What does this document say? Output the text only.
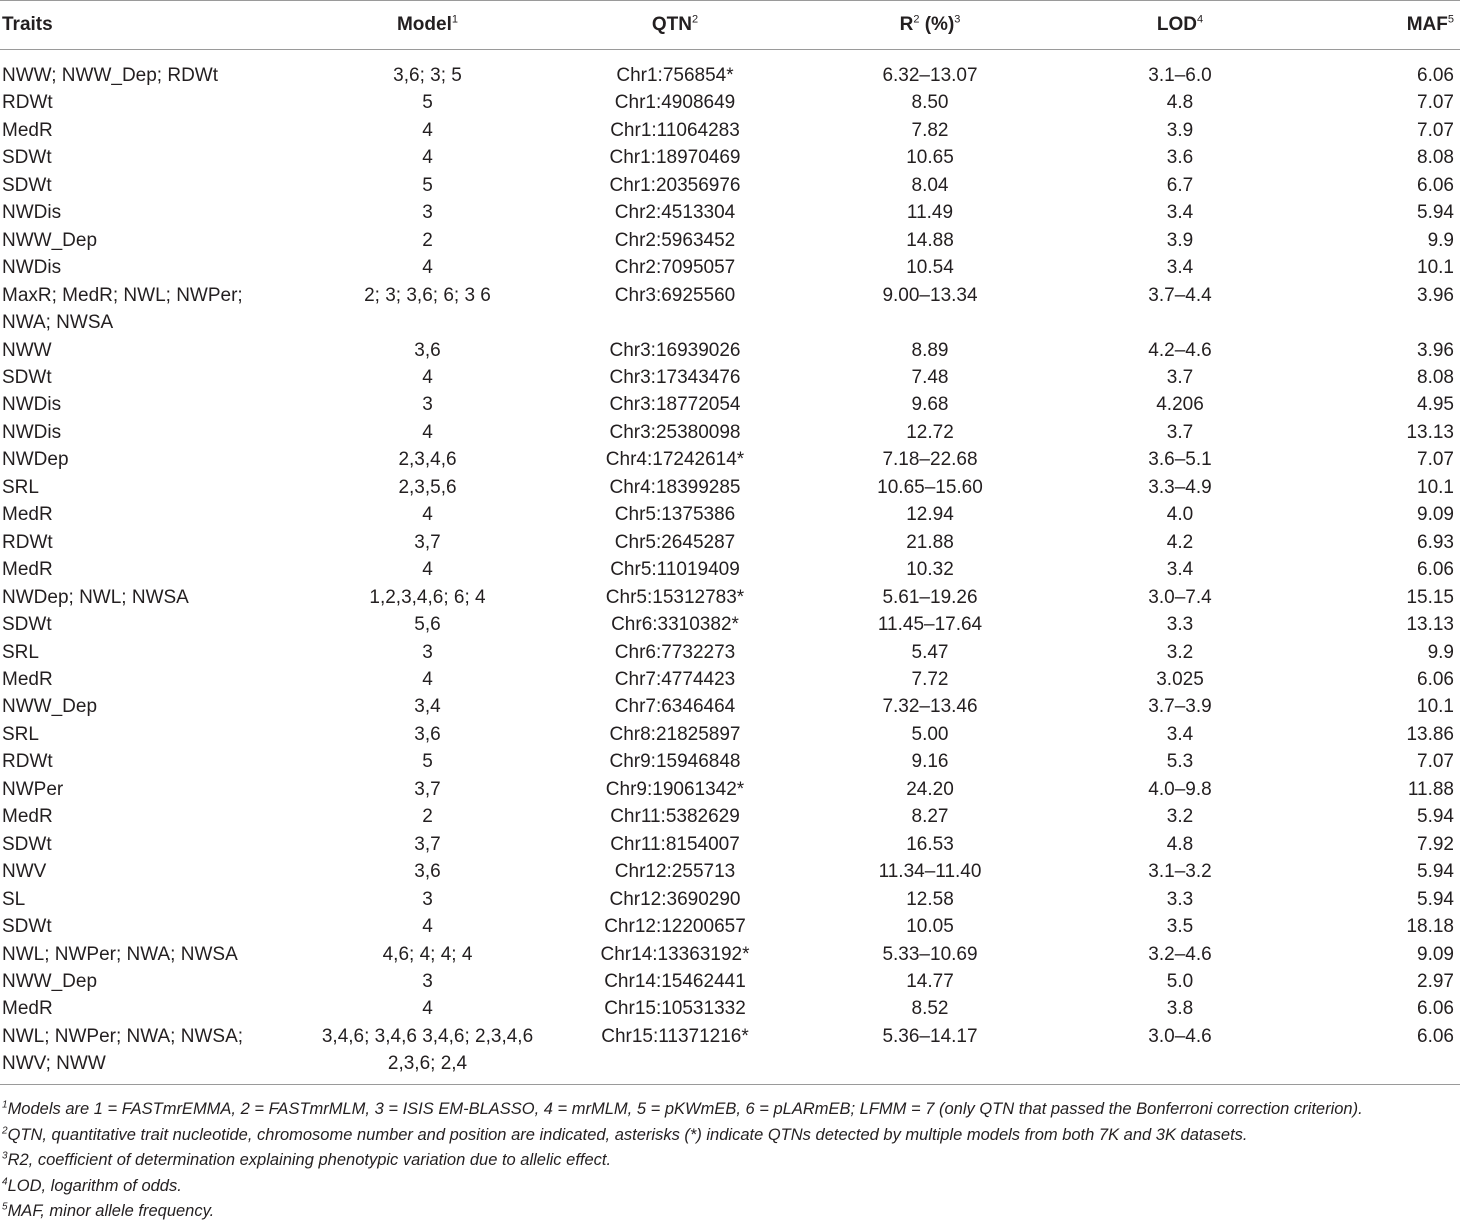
Traits	Model$^1$	QTN$^2$	$R^2$ (%)$^3$	LOD$^4$	MAF$^5$

NWW; NWW_Dep; RDWt	3,6; 3; 5	Chr1:756854*	6.32–13.07	3.1–6.0	6.06

RDWt	5	Chr1:4908649	8.50	4.8	7.07

MedR	4	Chr1:11064283	7.82	3.9	7.07

SDWt	4	Chr1:18970469	10.65	3.6	8.08

SDWt	5	Chr1:20356976	8.04	6.7	6.06

NWDis	3	Chr2:4513304	11.49	3.4	5.94

NWW_Dep	2	Chr2:5963452	14.88	3.9	9.9

NWDis	4	Chr2:7095057	10.54	3.4	10.1

MaxR; MedR; NWL; NWPer;
NWA; NWSA	2; 3; 3,6; 6; 3 6	Chr3:6925560	9.00–13.34	3.7–4.4	3.96

NWW	3,6	Chr3:16939026	8.89	4.2–4.6	3.96

SDWt	4	Chr3:17343476	7.48	3.7	8.08

NWDis	3	Chr3:18772054	9.68	4.206	4.95

NWDis	4	Chr3:25380098	12.72	3.7	13.13

NWDep	2,3,4,6	Chr4:17242614*	7.18–22.68	3.6–5.1	7.07

SRL	2,3,5,6	Chr4:18399285	10.65–15.60	3.3–4.9	10.1

MedR	4	Chr5:1375386	12.94	4.0	9.09

RDWt	3,7	Chr5:2645287	21.88	4.2	6.93

MedR	4	Chr5:11019409	10.32	3.4	6.06

NWDep; NWL; NWSA	1,2,3,4,6; 6; 4	Chr5:15312783*	5.61–19.26	3.0–7.4	15.15

SDWt	5,6	Chr6:3310382*	11.45–17.64	3.3	13.13

SRL	3	Chr6:7732273	5.47	3.2	9.9

MedR	4	Chr7:4774423	7.72	3.025	6.06

NWW_Dep	3,4	Chr7:6346464	7.32–13.46	3.7–3.9	10.1

SRL	3,6	Chr8:21825897	5.00	3.4	13.86

RDWt	5	Chr9:15946848	9.16	5.3	7.07

NWPer	3,7	Chr9:19061342*	24.20	4.0–9.8	11.88

MedR	2	Chr11:5382629	8.27	3.2	5.94

SDWt	3,7	Chr11:8154007	16.53	4.8	7.92

NWV	3,6	Chr12:255713	11.34–11.40	3.1–3.2	5.94

SL	3	Chr12:3690290	12.58	3.3	5.94

SDWt	4	Chr12:12200657	10.05	3.5	18.18

NWL; NWPer; NWA; NWSA	4,6; 4; 4; 4	Chr14:13363192*	5.33–10.69	3.2–4.6	9.09

NWW_Dep	3	Chr14:15462441	14.77	5.0	2.97

MedR	4	Chr15:10531332	8.52	3.8	6.06

NWL; NWPer; NWA; NWSA;
NWV; NWW	3,4,6; 3,4,6 3,4,6; 2,3,4,6
2,3,6; 2,4	Chr15:11371216*	5.36–14.17	3.0–4.6	6.06
$^1$Models are 1 = FASTmrEMMA, 2 = FASTmrMLM, 3 = ISIS EM-BLASSO, 4 = mrMLM, 5 = pKWmEB, 6 = pLARmEB; LFMM = 7 (only QTN that passed the Bonferroni correction criterion).
$^2$QTN, quantitative trait nucleotide, chromosome number and position are indicated, asterisks (*) indicate QTNs detected by multiple models from both 7K and 3K datasets.
$^3$R2, coefficient of determination explaining phenotypic variation due to allelic effect.
$^4$LOD, logarithm of odds.
$^5$MAF, minor allele frequency.
